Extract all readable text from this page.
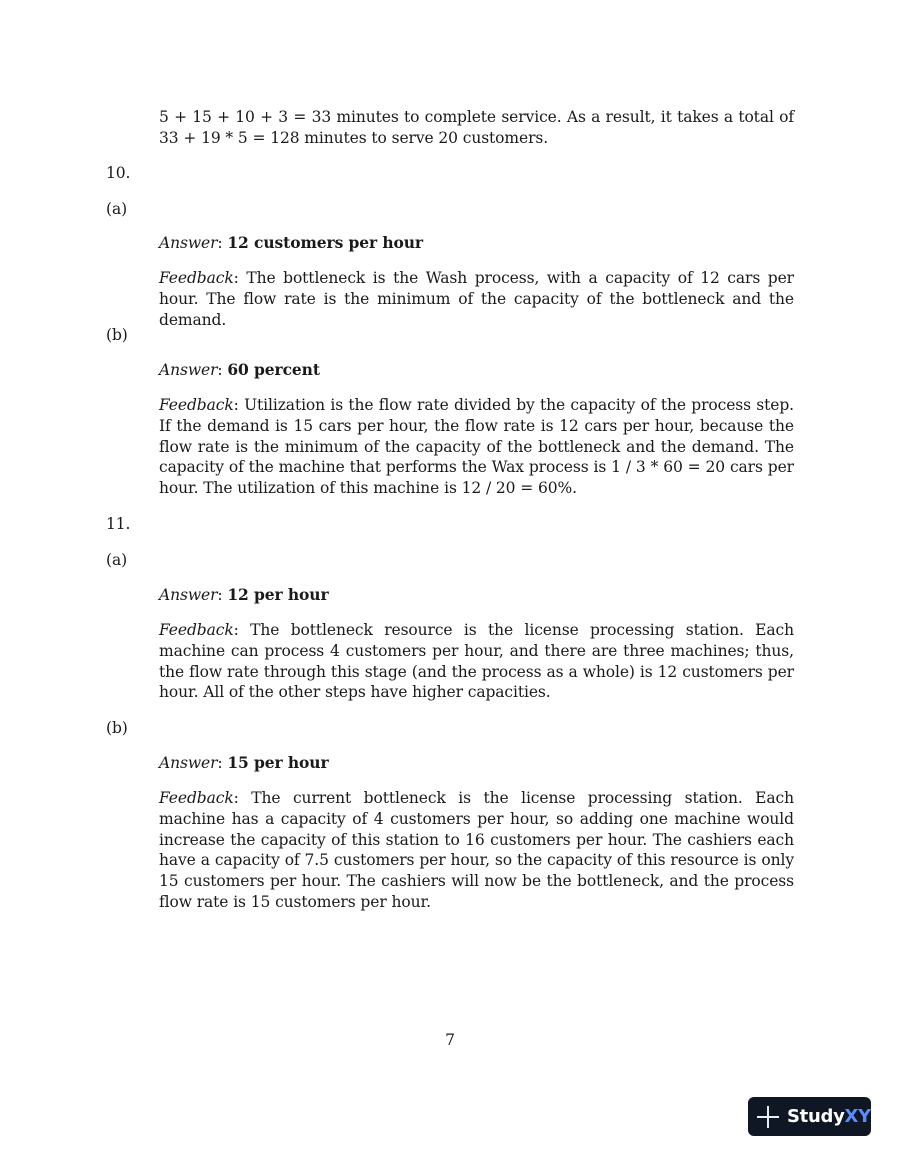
5 + 15 + 10 + 3 = 33 minutes to complete service. As a result, it takes a total of 33 + 19 * 5 = 128 minutes to serve 20 customers.
10.
(a)
Answer: 12 customers per hour
Feedback: The bottleneck is the Wash process, with a capacity of 12 cars per hour. The flow rate is the minimum of the capacity of the bottleneck and the demand.
(b)
Answer: 60 percent
Feedback: Utilization is the flow rate divided by the capacity of the process step. If the demand is 15 cars per hour, the flow rate is 12 cars per hour, because the flow rate is the minimum of the capacity of the bottleneck and the demand. The capacity of the machine that performs the Wax process is 1 / 3 * 60 = 20 cars per hour. The utilization of this machine is 12 / 20 = 60%.
11.
(a)
Answer: 12 per hour
Feedback: The bottleneck resource is the license processing station. Each machine can process 4 customers per hour, and there are three machines; thus, the flow rate through this stage (and the process as a whole) is 12 customers per hour. All of the other steps have higher capacities.
(b)
Answer: 15 per hour
Feedback: The current bottleneck is the license processing station. Each machine has a capacity of 4 customers per hour, so adding one machine would increase the capacity of this station to 16 customers per hour. The cashiers each have a capacity of 7.5 customers per hour, so the capacity of this resource is only 15 customers per hour. The cashiers will now be the bottleneck, and the process flow rate is 15 customers per hour.
7
StudyXY
